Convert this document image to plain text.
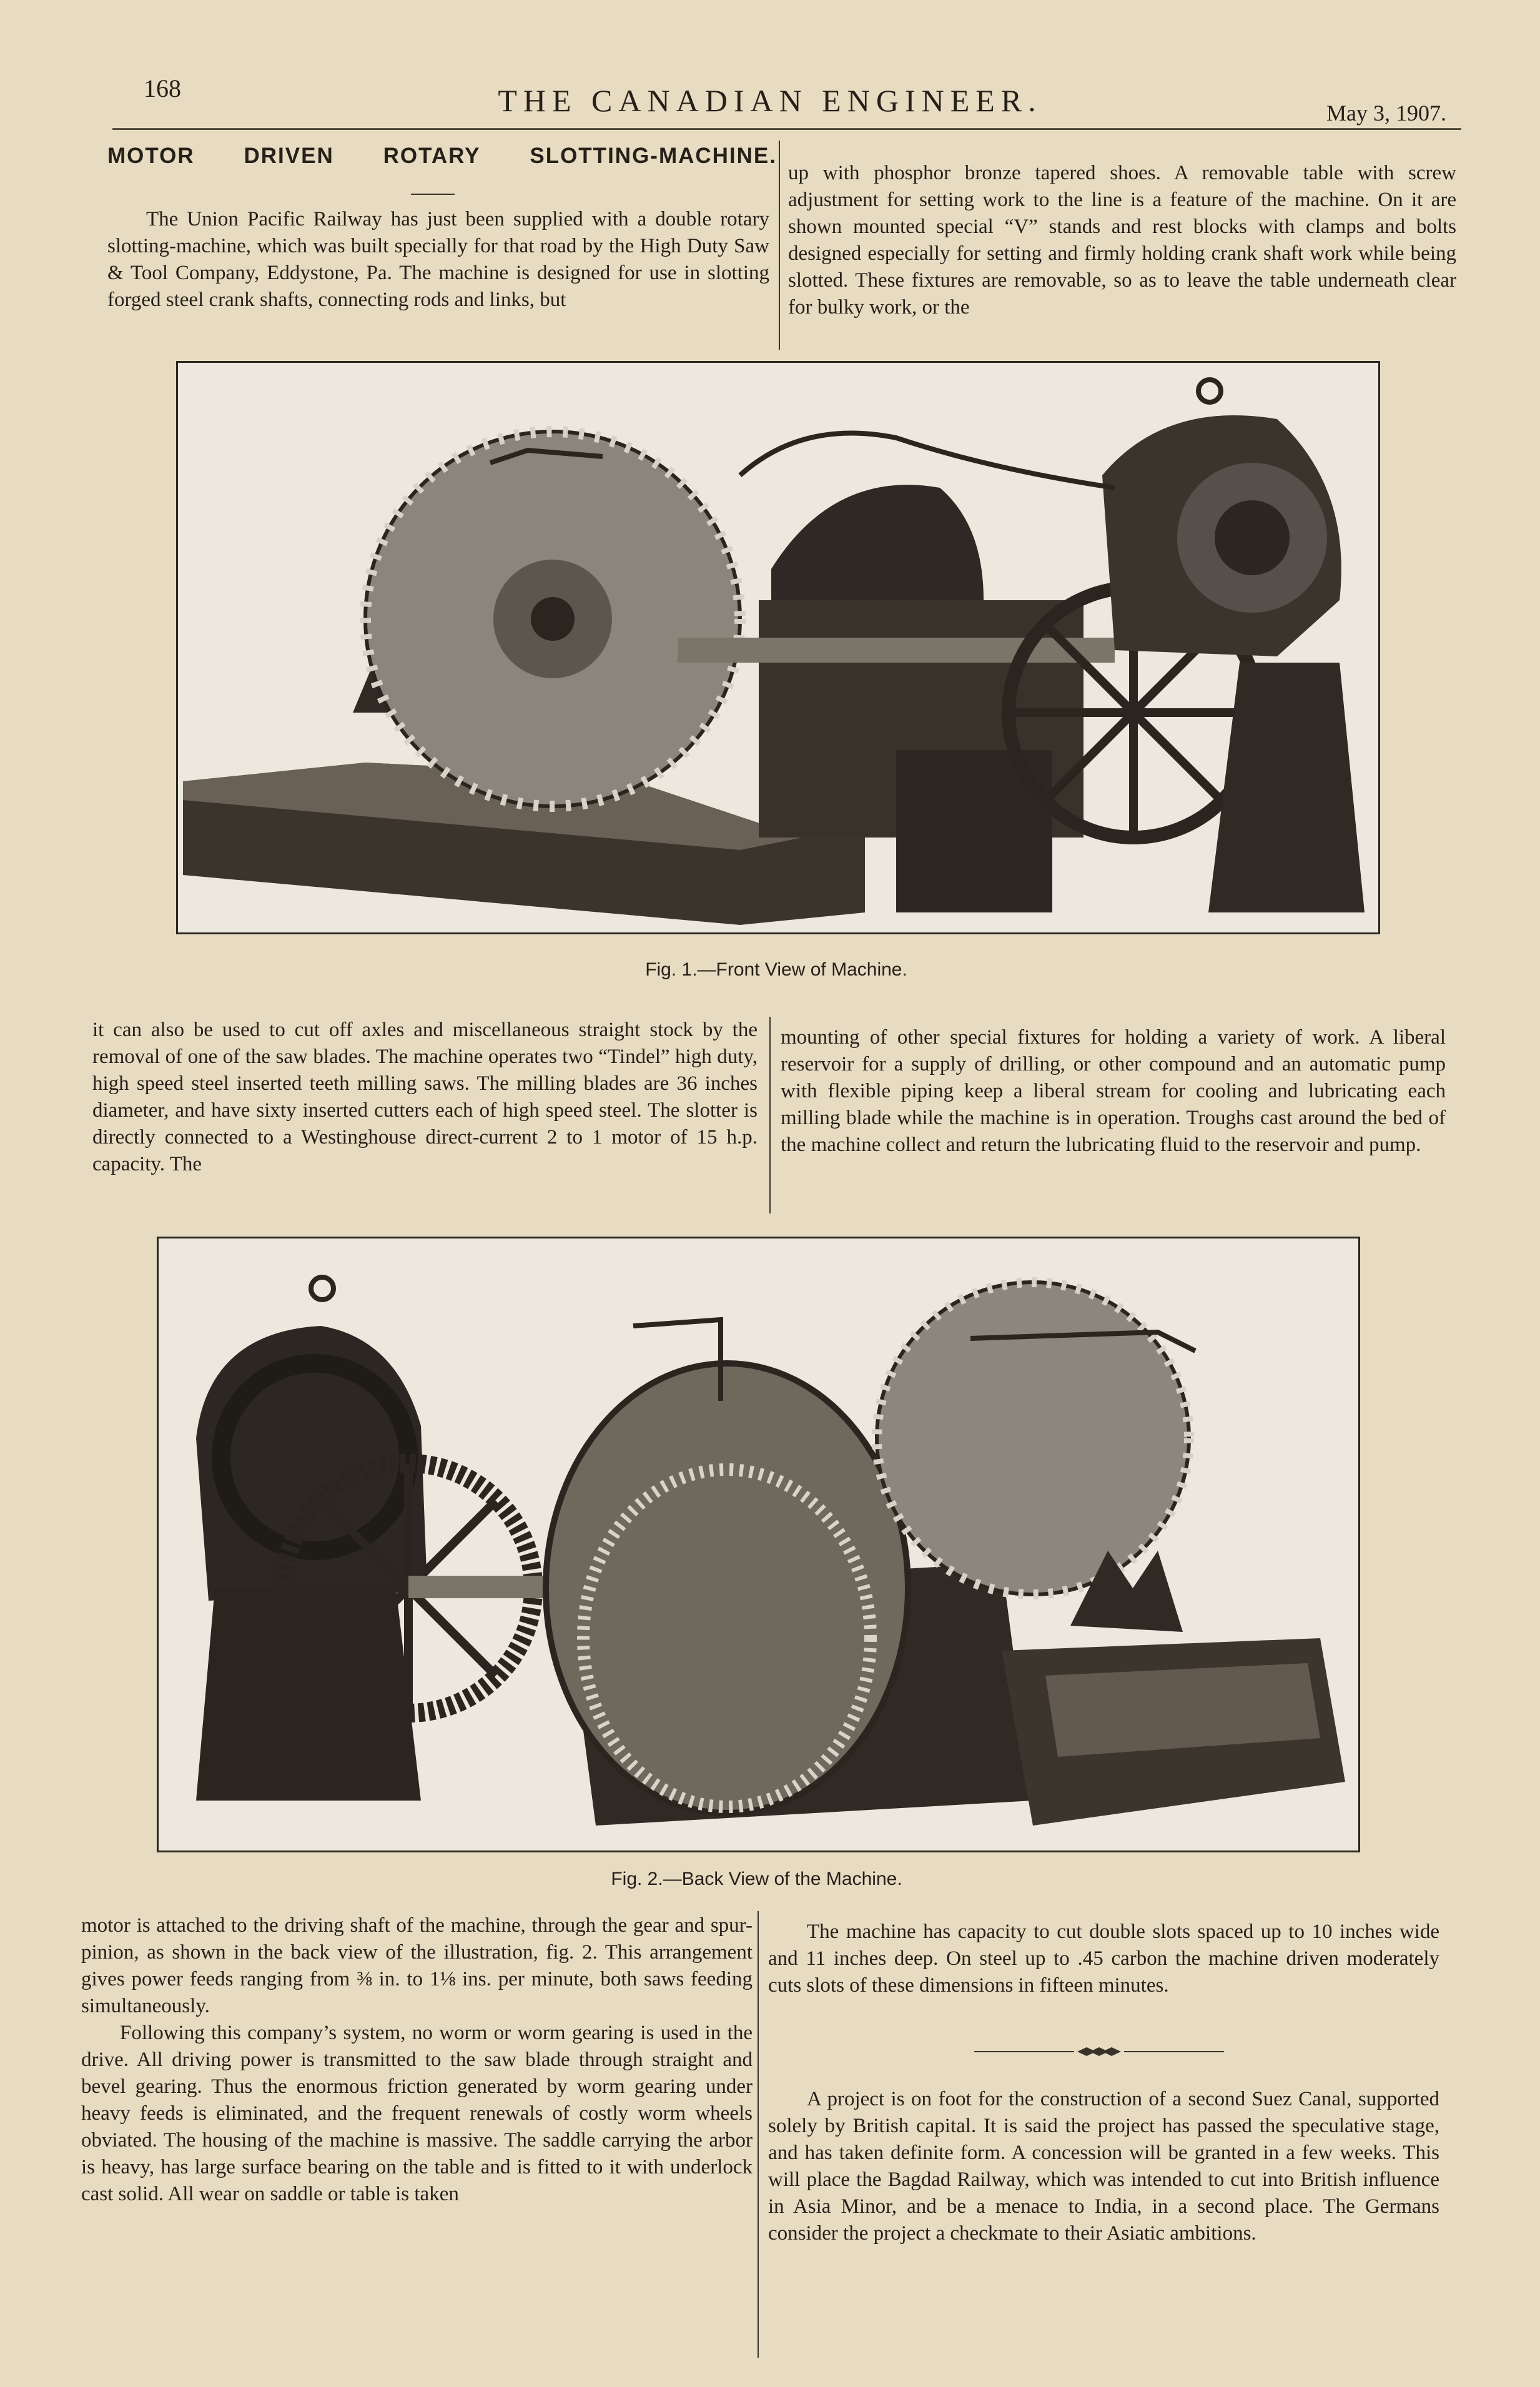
168	THE CANADIAN ENGINEER.	May 3, 1907.
MOTOR DRIVEN ROTARY SLOTTING-MACHINE.

The Union Pacific Railway has just been supplied with a double rotary slotting-machine, which was built specially for that road by the High Duty Saw & Tool Company, Eddystone, Pa. The machine is designed for use in slotting forged steel crank shafts, connecting rods and links, but

up with phosphor bronze tapered shoes. A removable table with screw adjustment for setting work to the line is a feature of the machine. On it are shown mounted special “V” stands and rest blocks with clamps and bolts designed especially for setting and firmly holding crank shaft work while being slotted. These fixtures are removable, so as to leave the table underneath clear for bulky work, or the

Fig. 1.—Front View of Machine.

it can also be used to cut off axles and miscellaneous straight stock by the removal of one of the saw blades. The machine operates two “Tindel” high duty, high speed steel inserted teeth milling saws. The milling blades are 36 inches diameter, and have sixty inserted cutters each of high speed steel. The slotter is directly connected to a Westinghouse direct-current 2 to 1 motor of 15 h.p. capacity. The

mounting of other special fixtures for holding a variety of work. A liberal reservoir for a supply of drilling, or other compound and an automatic pump with flexible piping keep a liberal stream for cooling and lubricating each milling blade while the machine is in operation. Troughs cast around the bed of the machine collect and return the lubricating fluid to the reservoir and pump.

Fig. 2.—Back View of the Machine.

motor is attached to the driving shaft of the machine, through the gear and spur-pinion, as shown in the back view of the illustration, fig. 2. This arrangement gives power feeds ranging from ⅜ in. to 1⅛ ins. per minute, both saws feeding simultaneously.

Following this company’s system, no worm or worm gearing is used in the drive. All driving power is transmitted to the saw blade through straight and bevel gearing. Thus the enormous friction generated by worm gearing under heavy feeds is eliminated, and the frequent renewals of costly worm wheels obviated. The housing of the machine is massive. The saddle carrying the arbor is heavy, has large surface bearing on the table and is fitted to it with underlock cast solid. All wear on saddle or table is taken

The machine has capacity to cut double slots spaced up to 10 inches wide and 11 inches deep. On steel up to .45 carbon the machine driven moderately cuts slots of these dimensions in fifteen minutes.

A project is on foot for the construction of a second Suez Canal, supported solely by British capital. It is said the project has passed the speculative stage, and has taken definite form. A concession will be granted in a few weeks. This will place the Bagdad Railway, which was intended to cut into British influence in Asia Minor, and be a menace to India, in a second place. The Germans consider the project a checkmate to their Asiatic ambitions.
